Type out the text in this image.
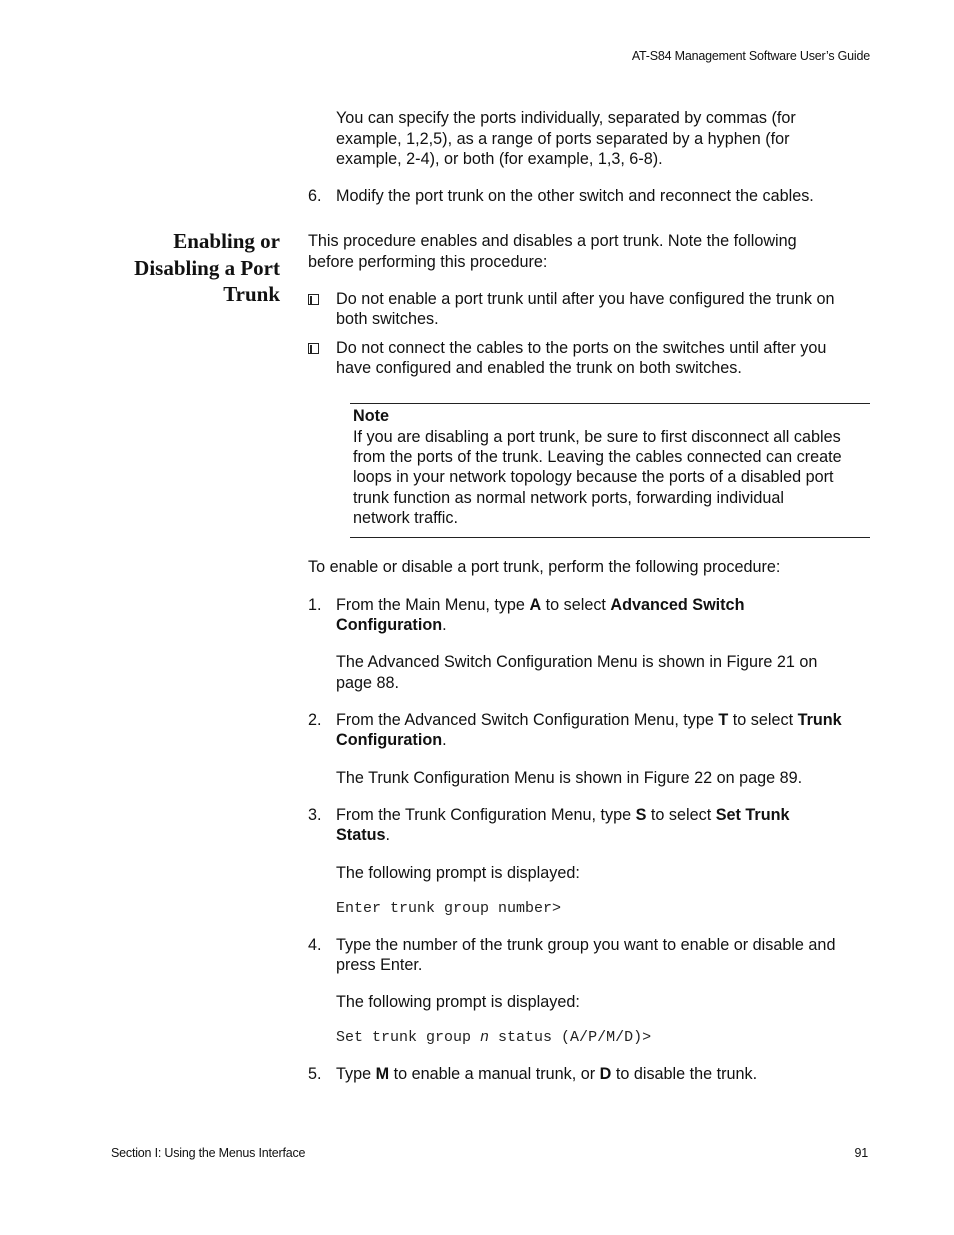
AT-S84 Management Software User’s Guide
You can specify the ports individually, separated by commas (for
example, 1,2,5), as a range of ports separated by a hyphen (for
example, 2-4), or both (for example, 1,3, 6-8).
6. Modify the port trunk on the other switch and reconnect the cables.
Enabling or
Disabling a Port
Trunk
This procedure enables and disables a port trunk. Note the following
before performing this procedure:
Do not enable a port trunk until after you have configured the trunk on
both switches.
Do not connect the cables to the ports on the switches until after you
have configured and enabled the trunk on both switches.
Note
If you are disabling a port trunk, be sure to first disconnect all cables
from the ports of the trunk. Leaving the cables connected can create
loops in your network topology because the ports of a disabled port
trunk function as normal network ports, forwarding individual
network traffic.
To enable or disable a port trunk, perform the following procedure:
1. From the Main Menu, type A to select Advanced Switch
Configuration.
The Advanced Switch Configuration Menu is shown in Figure 21 on
page 88.
2. From the Advanced Switch Configuration Menu, type T to select Trunk
Configuration.
The Trunk Configuration Menu is shown in Figure 22 on page 89.
3. From the Trunk Configuration Menu, type S to select Set Trunk
Status.
The following prompt is displayed:
Enter trunk group number>
4. Type the number of the trunk group you want to enable or disable and
press Enter.
The following prompt is displayed:
Set trunk group n status (A/P/M/D)>
5. Type M to enable a manual trunk, or D to disable the trunk.
Section I: Using the Menus Interface	91
